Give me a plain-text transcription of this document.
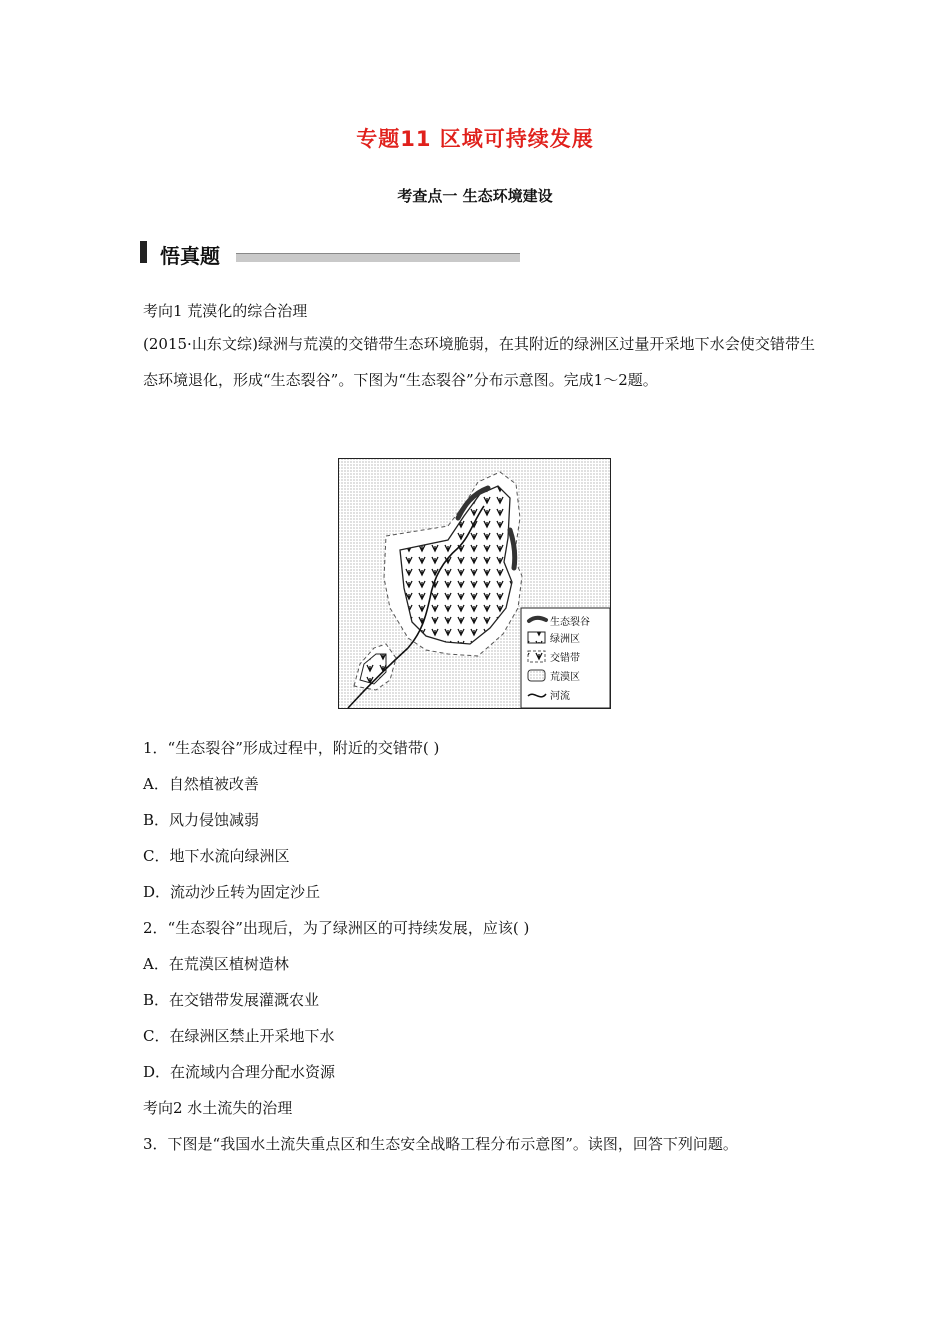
专题11 区域可持续发展
考查点一 生态环境建设
悟真题
考向1 荒漠化的综合治理
(2015·山东文综)绿洲与荒漠的交错带生态环境脆弱，在其附近的绿洲区过量开采地下水会使交错带生态环境退化，形成“生态裂谷”。下图为“生态裂谷”分布示意图。完成1～2题。
生态裂谷
绿洲区
交错带
荒漠区
河流
1．“生态裂谷”形成过程中，附近的交错带( )
A．自然植被改善
B．风力侵蚀减弱
C．地下水流向绿洲区
D．流动沙丘转为固定沙丘
2．“生态裂谷”出现后，为了绿洲区的可持续发展，应该( )
A．在荒漠区植树造林
B．在交错带发展灌溉农业
C．在绿洲区禁止开采地下水
D．在流域内合理分配水资源
考向2 水土流失的治理
3．下图是“我国水土流失重点区和生态安全战略工程分布示意图”。读图，回答下列问题。
